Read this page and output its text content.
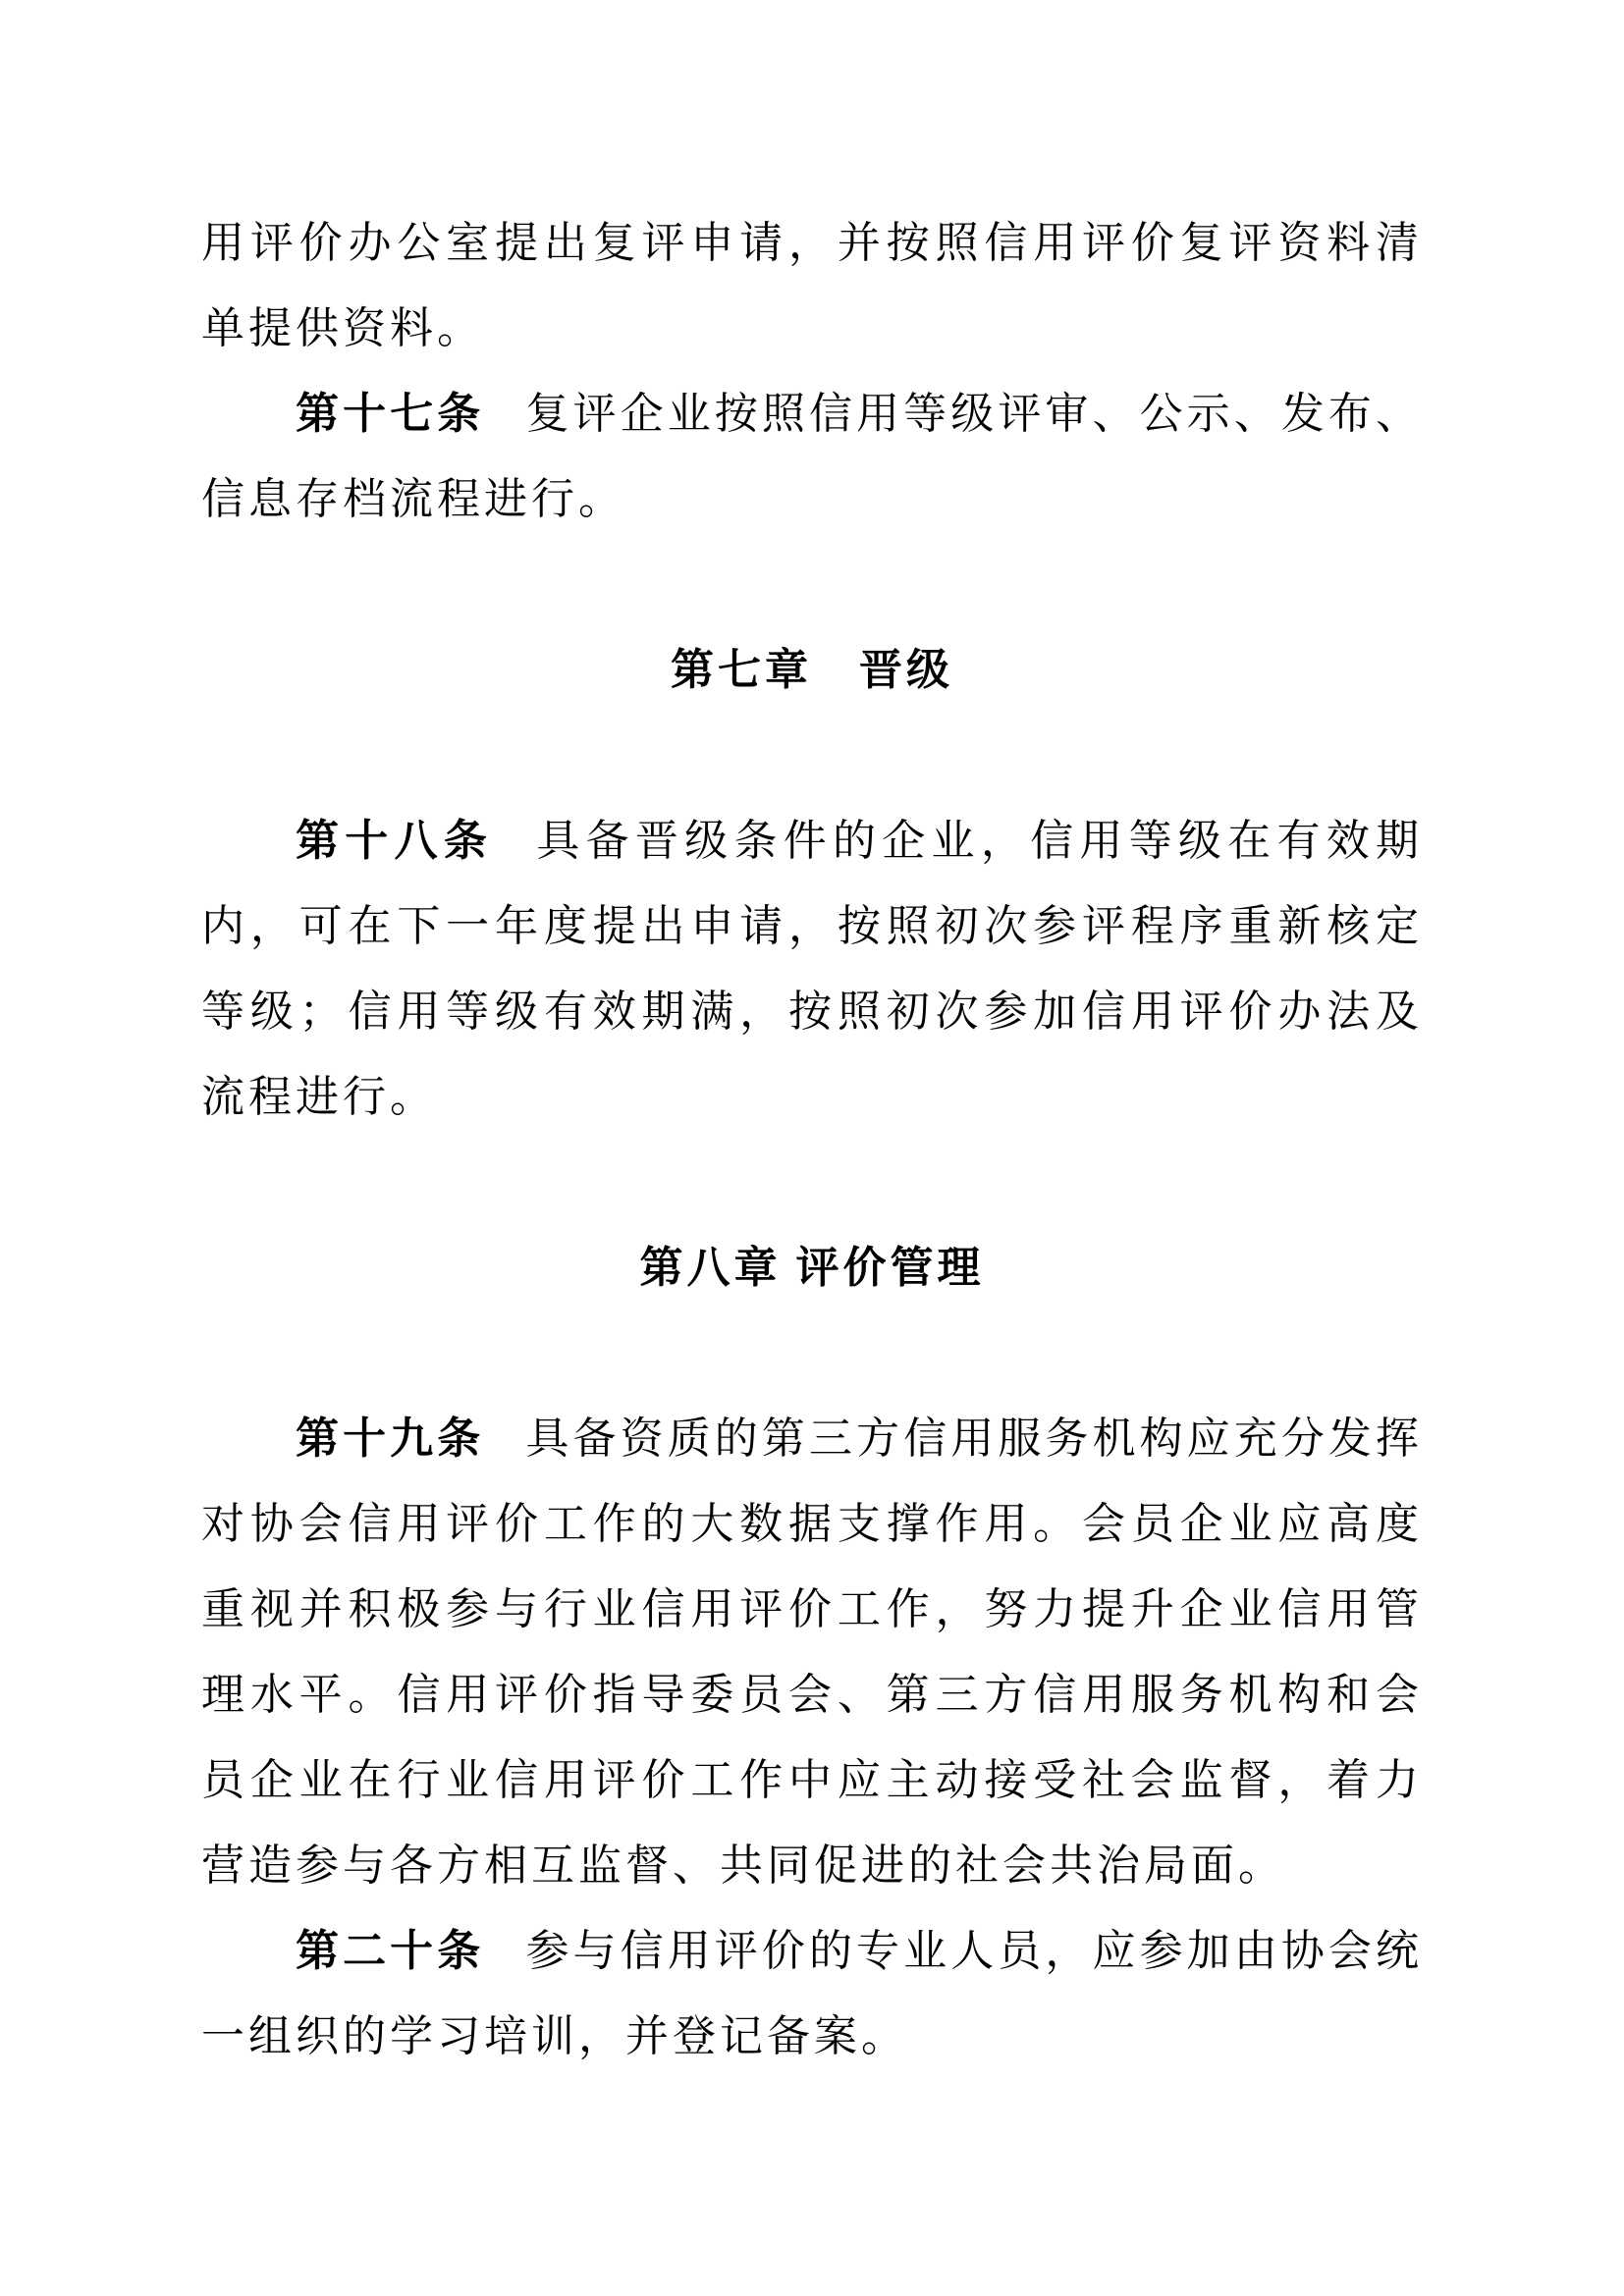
用评价办公室提出复评申请，并按照信用评价复评资料清单提供资料。

第十七条 复评企业按照信用等级评审、公示、发布、信息存档流程进行。

第七章　晋级

第十八条 具备晋级条件的企业，信用等级在有效期内，可在下一年度提出申请，按照初次参评程序重新核定等级；信用等级有效期满，按照初次参加信用评价办法及流程进行。

第八章 评价管理

第十九条 具备资质的第三方信用服务机构应充分发挥对协会信用评价工作的大数据支撑作用。会员企业应高度重视并积极参与行业信用评价工作，努力提升企业信用管理水平。信用评价指导委员会、第三方信用服务机构和会员企业在行业信用评价工作中应主动接受社会监督，着力营造参与各方相互监督、共同促进的社会共治局面。

第二十条 参与信用评价的专业人员，应参加由协会统一组织的学习培训，并登记备案。
